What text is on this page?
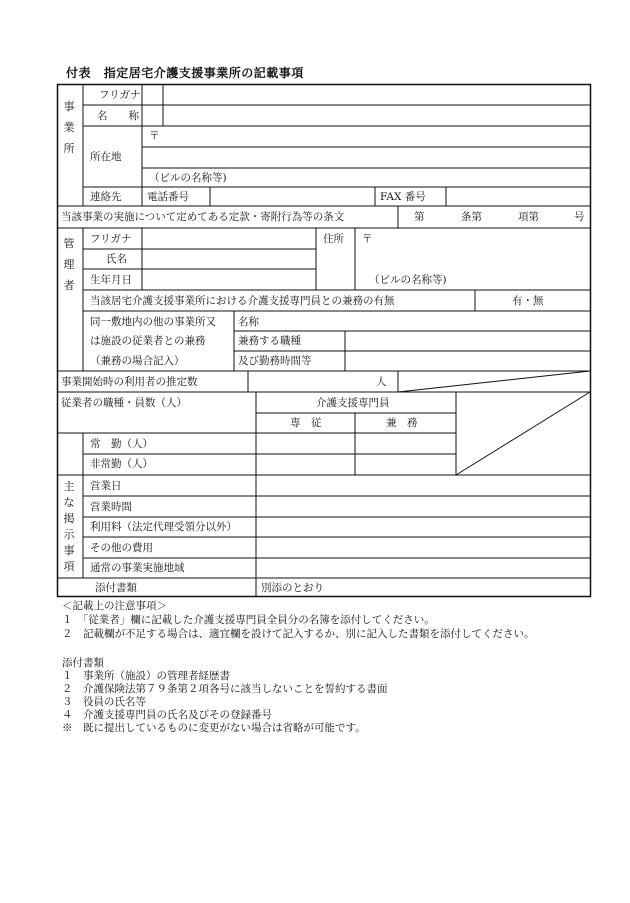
付表 指定居宅介護支援事業所の記載事項
事
業
所
フリガナ
名　　称
所在地
〒
（ビルの名称等)
連絡先 電話番号	FAX 番号
当該事業の実施について定めてある定款・寄附行為等の条文	第	条第	項第	号
管
理
者
フリガナ
氏名
生年月日
住所 〒
（ビルの名称等)
当該居宅介護支援事業所における介護支援専門員との兼務の有無	有・無
同一敷地内の他の事業所又
は施設の従業者との兼務
（兼務の場合記入）
名称
兼務する職種
及び勤務時間等
事業開始時の利用者の推定数	人
従業者の職種・員数（人）	介護支援専門員
専　従	兼　務
常　勤（人）
非常勤（人）
主
な
掲
示
事
項
営業日
営業時間
利用料（法定代理受領分以外）
その他の費用
通常の事業実施地域
添付書類	別添のとおり
＜記載上の注意事項＞
１　「従業者」欄に記載した介護支援専門員全員分の名簿を添付してください。
２　記載欄が不足する場合は、適宜欄を設けて記入するか、別に記入した書類を添付してください。
添付書類
１　事業所（施設）の管理者経歴書
２　介護保険法第７９条第２項各号に該当しないことを誓約する書面
３　役員の氏名等
４　介護支援専門員の氏名及びその登録番号
※　既に提出しているものに変更がない場合は省略が可能です。
